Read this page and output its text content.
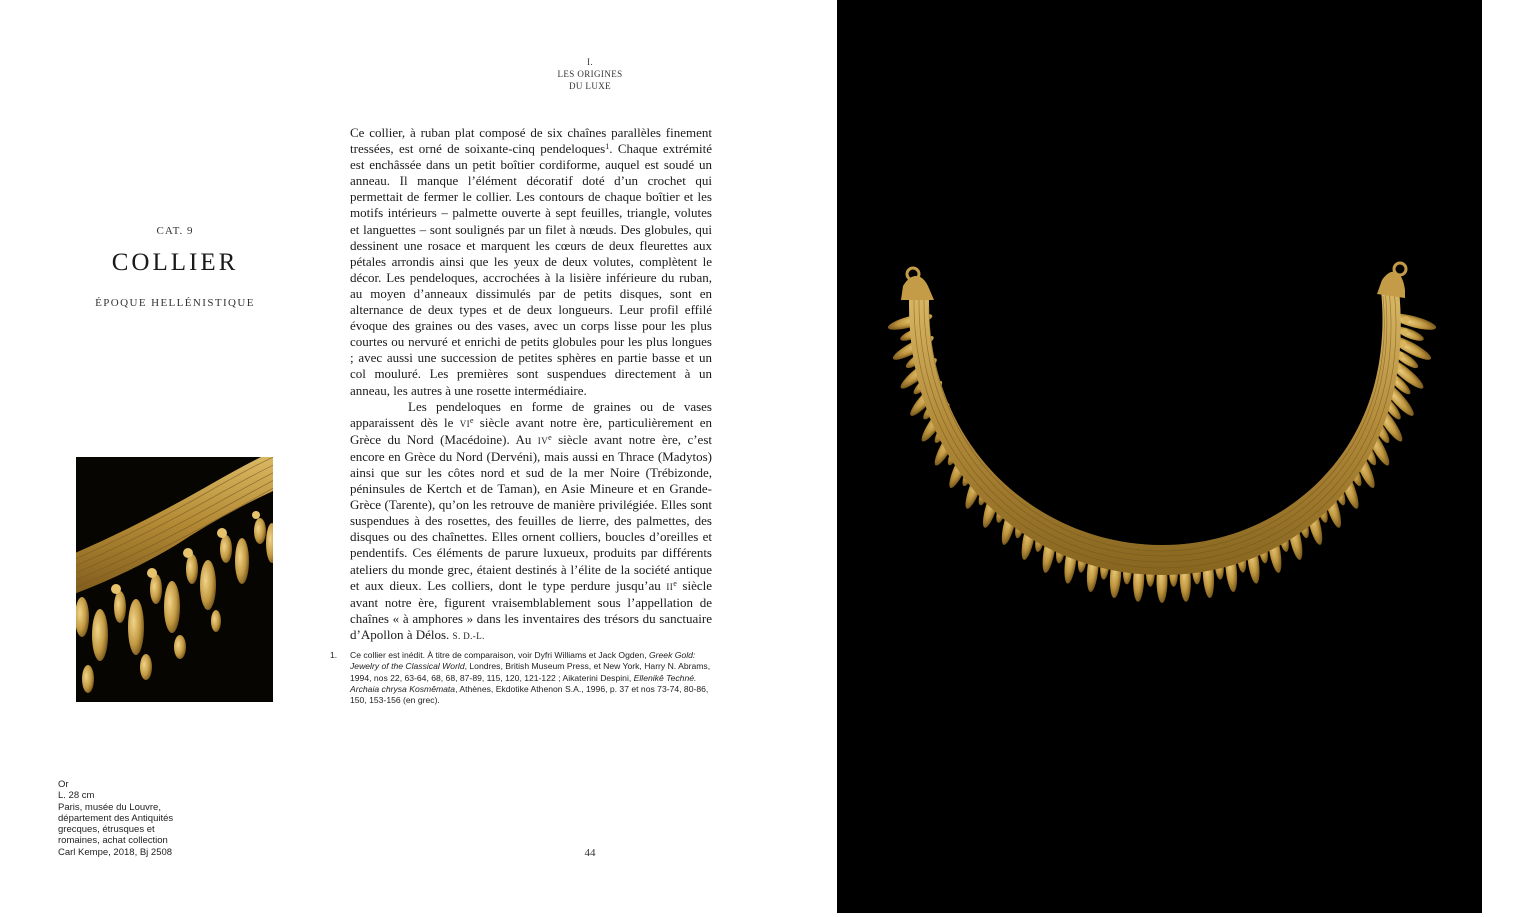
I.
LES ORIGINES
DU LUXE
CAT. 9
COLLIER
ÉPOQUE HELLÉNISTIQUE

Ce collier, à ruban plat composé de six chaînes parallèles finement tressées, est orné de soixante-cinq pendeloques$^1$. Chaque extrémité est enchâssée dans un petit boîtier cordiforme, auquel est soudé un anneau. Il manque l’élément décoratif doté d’un crochet qui permettait de fermer le collier. Les contours de chaque boîtier et les motifs intérieurs – palmette ouverte à sept feuilles, triangle, volutes et languettes – sont soulignés par un filet à nœuds. Des globules, qui dessinent une rosace et marquent les cœurs de deux fleurettes aux pétales arrondis ainsi que les yeux de deux volutes, complètent le décor. Les pendeloques, accrochées à la lisière inférieure du ruban, au moyen d’anneaux dissimulés par de petits disques, sont en alternance de deux types et de deux longueurs. Leur profil effilé évoque des graines ou des vases, avec un corps lisse pour les plus courtes ou nervuré et enrichi de petits globules pour les plus longues ; avec aussi une succession de petites sphères en partie basse et un col mouluré. Les premières sont suspendues directement à un anneau, les autres à une rosette intermédiaire.

Les pendeloques en forme de graines ou de vases apparaissent dès le VIe siècle avant notre ère, particulièrement en Grèce du Nord (Macédoine). Au IVe siècle avant notre ère, c’est encore en Grèce du Nord (Dervéni), mais aussi en Thrace (Madytos) ainsi que sur les côtes nord et sud de la mer Noire (Trébizonde, péninsules de Kertch et de Taman), en Asie Mineure et en Grande-Grèce (Tarente), qu’on les retrouve de manière privilégiée. Elles sont suspendues à des rosettes, des feuilles de lierre, des palmettes, des disques ou des chaînettes. Elles ornent colliers, boucles d’oreilles et pendentifs. Ces éléments de parure luxueux, produits par différents ateliers du monde grec, étaient destinés à l’élite de la société antique et aux dieux. Les colliers, dont le type perdure jusqu’au IIe siècle avant notre ère, figurent vraisemblablement sous l’appellation de chaînes « à amphores » dans les inventaires des trésors du sanctuaire d’Apollon à Délos. S. D.-L.

1. Ce collier est inédit. À titre de comparaison, voir Dyfri Williams et Jack Ogden, Greek Gold: Jewelry of the Classical World, Londres, British Museum Press, et New York, Harry N. Abrams, 1994, nos 22, 63-64, 68, 68, 87-89, 115, 120, 121-122 ; Aikaterini Despini, Ellenikê Techné. Archaia chrysa Kosmêmata, Athènes, Ekdotike Athenon S.A., 1996, p. 37 et nos 73-74, 80-86, 150, 153-156 (en grec).
Or
L. 28 cm
Paris, musée du Louvre,
département des Antiquités
grecques, étrusques et
romaines, achat collection
Carl Kempe, 2018, Bj 2508	44
